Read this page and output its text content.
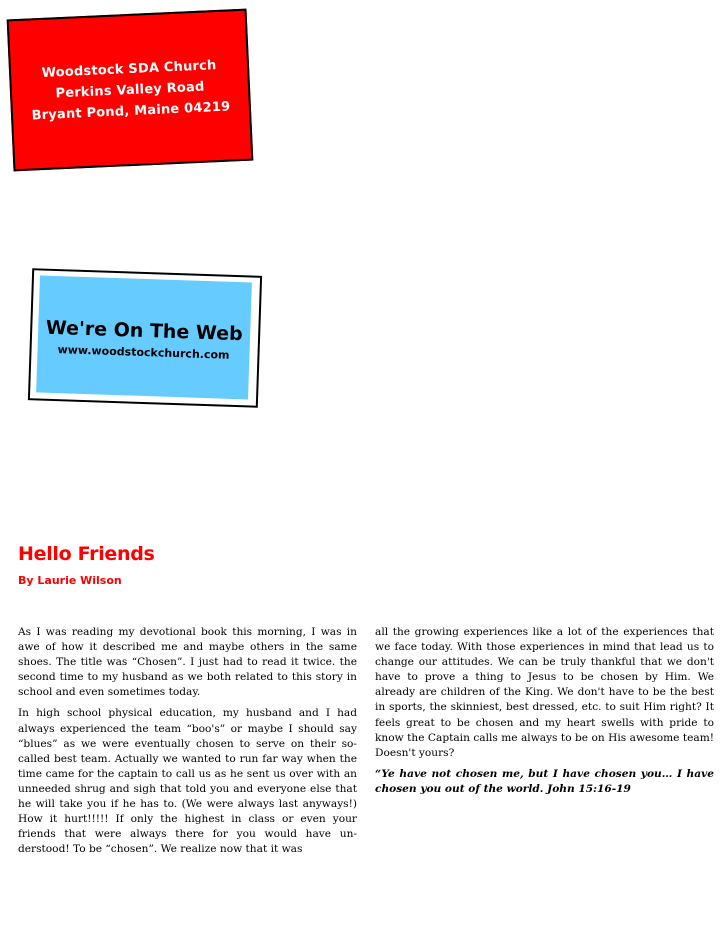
Woodstock SDA Church
Perkins Valley Road
Bryant Pond, Maine 04219
We're On The Web
www.woodstockchurch.com
Hello Friends
By Laurie Wilson

As I was reading my devotional book this morning, I was in awe of how it described me and maybe others in the same shoes. The title was “Chosen”. I just had to read it twice. the second time to my husband as we both related to this story in school and even sometimes today.

In high school physical education, my husband and I had always experienced the team “boo's” or maybe I should say “blues” as we were eventually chosen to serve on their so-called best team. Actually we wanted to run far way when the time came for the captain to call us as he sent us over with an unneeded shrug and sigh that told you and everyone else that he will take you if he has to. (We were always last anyways!) How it hurt!!!!! If only the highest in class or even your friends that were always there for you would have understood! To be “chosen”. We realize now that it was

all the growing experiences like a lot of the experiences that we face today. With those experiences in mind that lead us to change our attitudes. We can be truly thankful that we don't have to prove a thing to Jesus to be chosen by Him. We already are children of the King. We don't have to be the best in sports, the skinniest, best dressed, etc. to suit Him right? It feels great to be chosen and my heart swells with pride to know the Captain calls me always to be on His awesome team! Doesn't yours?

“Ye have not chosen me, but I have chosen you… I have chosen you out of the world. John 15:16-19
